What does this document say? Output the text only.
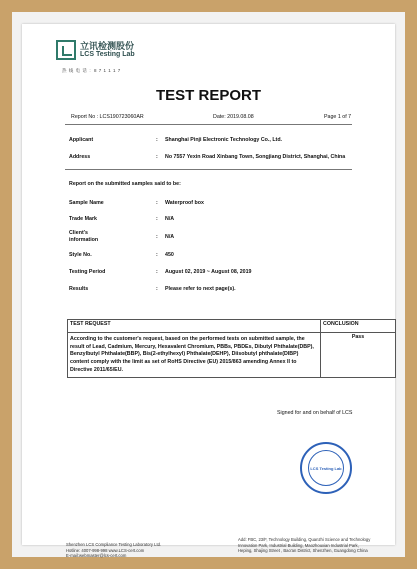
立讯检测股份
LCS Testing Lab
热 线 电 话 ：8 7 1 1 1 7
TEST REPORT
Report No : LCS190723060AR	Date: 2019.08.08	Page 1 of 7
Applicant	: Shanghai Pinji Electronic Technology Co., Ltd.
Address	: No 7557 Yexin Road Xinbang Town, Songjiang District, Shanghai, China
Report on the submitted samples said to be:
Sample Name	: Waterproof box
Trade Mark	: N/A
Client's
information	: N/A
Style No.	: 450
Testing Period	: August 02, 2019 ~ August 08, 2019
Results	: Please refer to next page(s).
TEST REQUEST	CONCLUSION
According to the customer's request, based on the performed tests on submitted sample, the result of Lead, Cadmium, Mercury, Hexavalent Chromium, PBBs, PBDEs, Dibutyl Phthalate(DBP), Benzylbutyl Phthalate(BBP), Bis(2-ethylhexyl) Phthalate(DEHP), Diisobutyl phthalate(DIBP) content comply with the limit as set of RoHS Directive (EU) 2015/863 amending Annex II to Directive 2011/65/EU.	Pass
Signed for and on behalf of LCS
LCS Testing Lab
Shenzhen LCS Compliance Testing Laboratory Ltd.
Hotline: 4007-998-998 www.LCS-cert.com
E-mail:webmaster@lcs-cert.com
Add: FBC, 23/F, Technology Building, Quanzhi Science and Technology
Innovation Park, Industrial Building, Maozhouxian Industrial Park,
Heping, Shajing Street , Bao'an District, Shenzhen, Guangdong China
